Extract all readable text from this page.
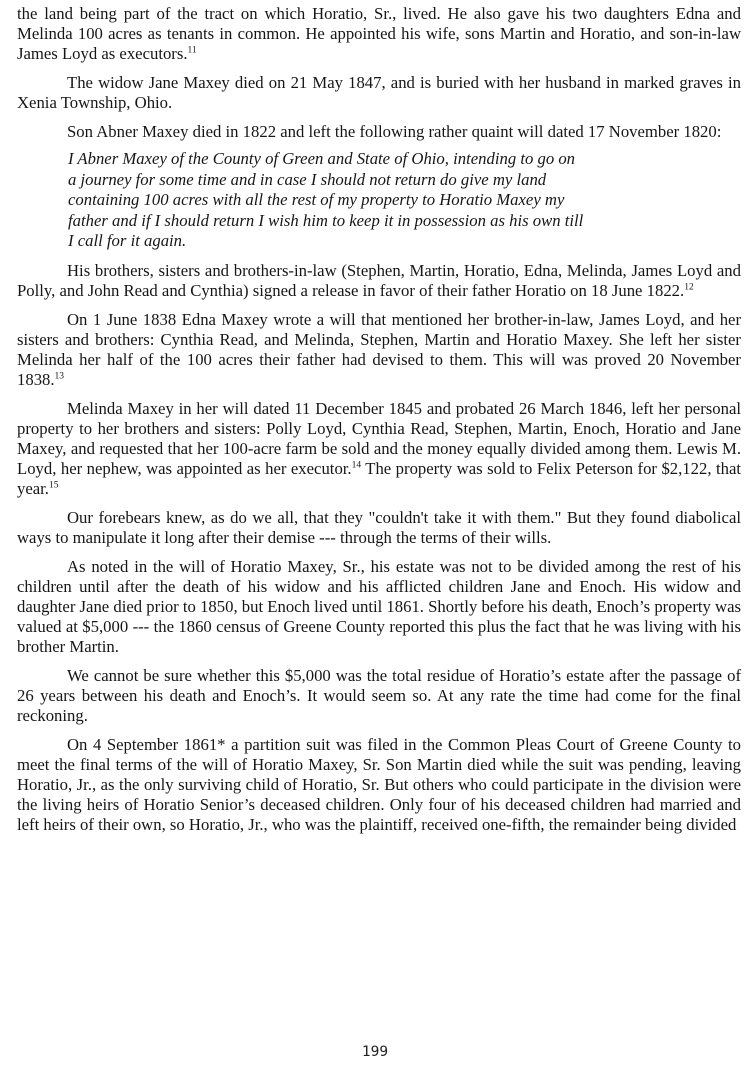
the land being part of the tract on which Horatio, Sr., lived. He also gave his two daughters Edna and Melinda 100 acres as tenants in common. He appointed his wife, sons Martin and Horatio, and son-in-law James Loyd as executors.$^{11}$

The widow Jane Maxey died on 21 May 1847, and is buried with her husband in marked graves in Xenia Township, Ohio.

Son Abner Maxey died in 1822 and left the following rather quaint will dated 17 November 1820:

I Abner Maxey of the County of Green and State of Ohio, intending to go on
a journey for some time and in case I should not return do give my land
containing 100 acres with all the rest of my property to Horatio Maxey my
father and if I should return I wish him to keep it in possession as his own till
I call for it again.

His brothers, sisters and brothers-in-law (Stephen, Martin, Horatio, Edna, Melinda, James Loyd and Polly, and John Read and Cynthia) signed a release in favor of their father Horatio on 18 June 1822.12

On 1 June 1838 Edna Maxey wrote a will that mentioned her brother-in-law, James Loyd, and her sisters and brothers: Cynthia Read, and Melinda, Stephen, Martin and Horatio Maxey. She left her sister Melinda her half of the 100 acres their father had devised to them. This will was proved 20 November 1838.13

Melinda Maxey in her will dated 11 December 1845 and probated 26 March 1846, left her personal property to her brothers and sisters: Polly Loyd, Cynthia Read, Stephen, Martin, Enoch, Horatio and Jane Maxey, and requested that her 100-acre farm be sold and the money equally divided among them. Lewis M. Loyd, her nephew, was appointed as her executor.$^{14}$ The property was sold to Felix Peterson for $2,122, that year.$^{15}$

Our forebears knew, as do we all, that they "couldn't take it with them." But they found diabolical ways to manipulate it long after their demise --- through the terms of their wills.

As noted in the will of Horatio Maxey, Sr., his estate was not to be divided among the rest of his children until after the death of his widow and his afflicted children Jane and Enoch. His widow and daughter Jane died prior to 1850, but Enoch lived until 1861. Shortly before his death, Enoch’s property was valued at $5,000 --- the 1860 census of Greene County reported this plus the fact that he was living with his brother Martin.

We cannot be sure whether this $5,000 was the total residue of Horatio’s estate after the passage of 26 years between his death and Enoch’s. It would seem so. At any rate the time had come for the final reckoning.

On 4 September 1861* a partition suit was filed in the Common Pleas Court of Greene County to meet the final terms of the will of Horatio Maxey, Sr. Son Martin died while the suit was pending, leaving Horatio, Jr., as the only surviving child of Horatio, Sr. But others who could participate in the division were the living heirs of Horatio Senior’s deceased children. Only four of his deceased children had married and left heirs of their own, so Horatio, Jr., who was the plaintiff, received one-fifth, the remainder being divided

199
